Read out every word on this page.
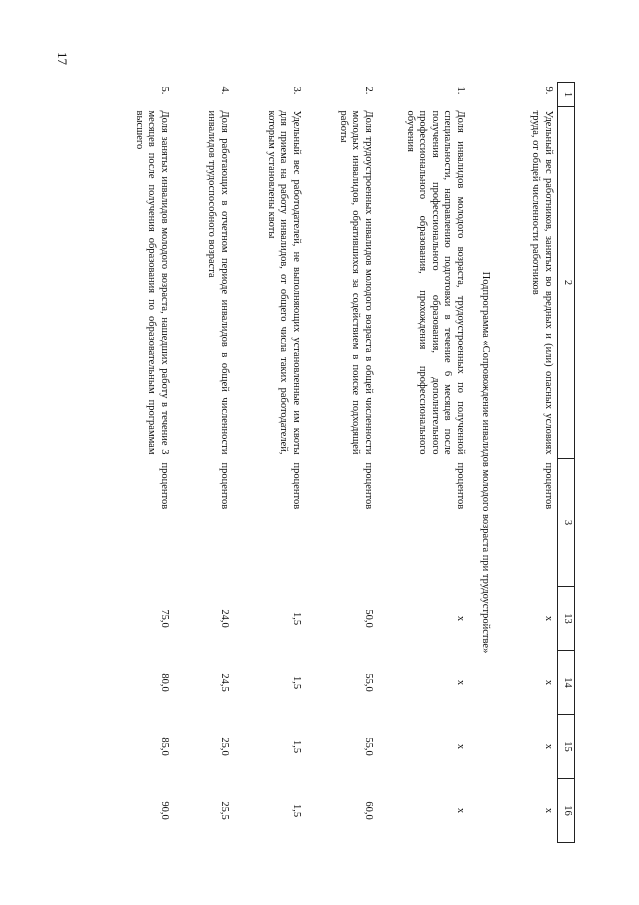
17
1	2	3	13	14	15	16
9.	Удельный вес работников, занятых во вредных и (или) опасных условиях труда, от общей численности работников	процентов	x	x	x	x
Подпрограмма «Сопровождение инвалидов молодого возраста при трудоустройстве»						
1.	Доля инвалидов молодого возраста, трудоустроенных по полученной специальности, направлению подготовки в течение 6 месяцев после получения профессионального образования, дополнительного профессионального образования, прохождения профессионального обучения	процентов	x	x	x	x
2.	Доля трудоустроенных инвалидов молодого возраста в общей численности молодых инвалидов, обратившихся за содействием в поиске подходящей работы	процентов	50,0	55,0	55,0	60,0
3.	Удельный вес работодателей, не выполняющих установленные им квоты для приема на работу инвалидов, от общего числа таких работодателей, которым установлены квоты	процентов	1,5	1,5	1,5	1,5
4.	Доля работающих в отчетном периоде инвалидов в общей численности инвалидов трудоспособного возраста	процентов	24,0	24,5	25,0	25,5
5.	Доля занятых инвалидов молодого возраста, нашедших работу в течение 3 месяцев после получения образования по образовательным программам высшего	процентов	75,0	80,0	85,0	90,0
